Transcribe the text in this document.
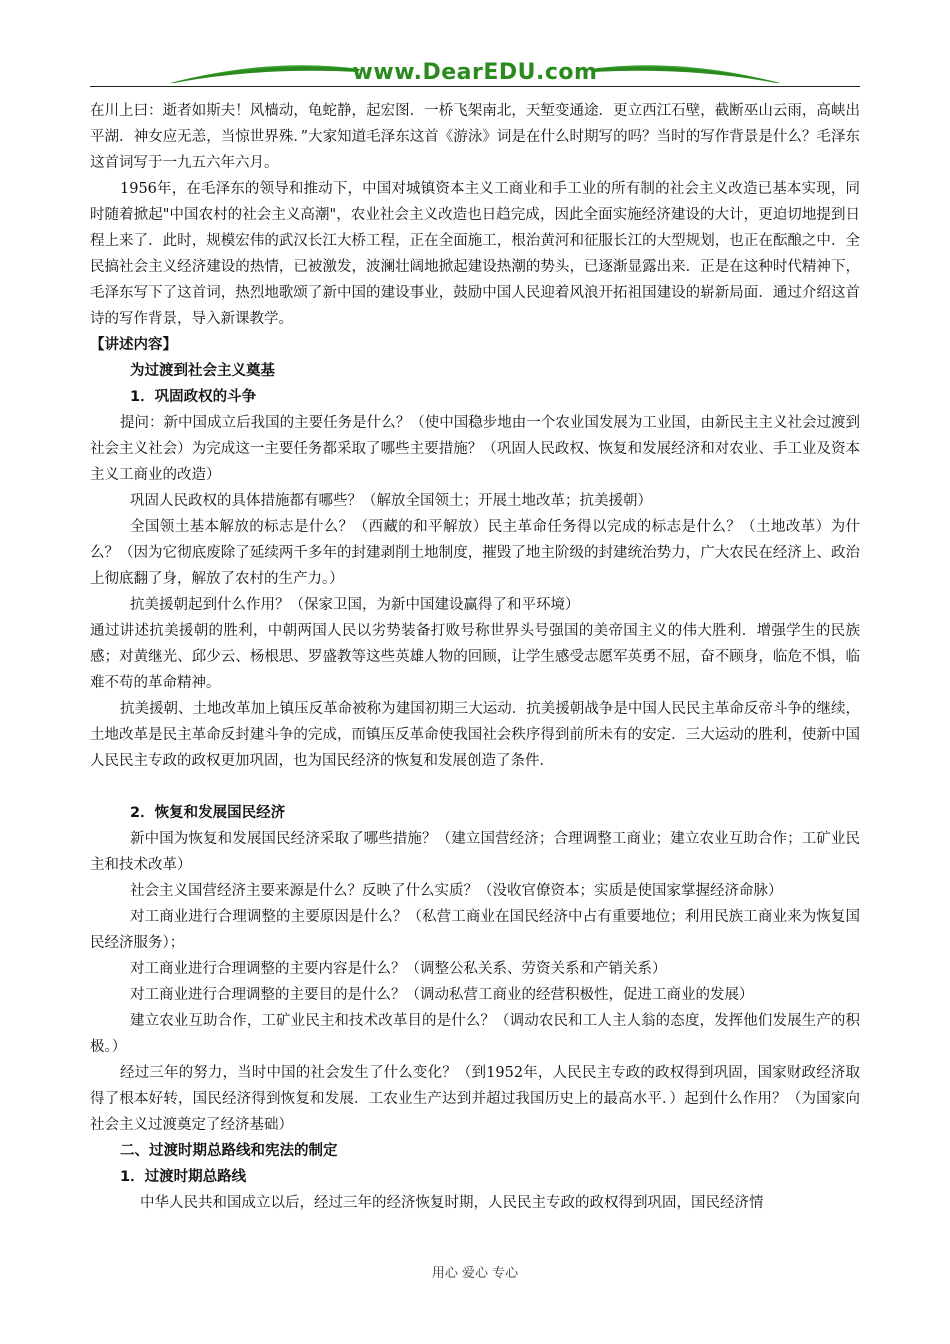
www.DearEDU.com

在川上曰：逝者如斯夫！风樯动，龟蛇静，起宏图．一桥飞架南北，天堑变通途．更立西江石壁，截断巫山云雨，高峡出平湖．神女应无恙，当惊世界殊．”大家知道毛泽东这首《游泳》词是在什么时期写的吗？当时的写作背景是什么？毛泽东这首词写于一九五六年六月。

1956年，在毛泽东的领导和推动下，中国对城镇资本主义工商业和手工业的所有制的社会主义改造已基本实现，同时随着掀起"中国农村的社会主义高潮"，农业社会主义改造也日趋完成，因此全面实施经济建设的大计，更迫切地提到日程上来了．此时，规模宏伟的武汉长江大桥工程，正在全面施工，根治黄河和征服长江的大型规划，也正在酝酿之中．全民搞社会主义经济建设的热情，已被激发，波澜壮阔地掀起建设热潮的势头，已逐渐显露出来．正是在这种时代精神下，毛泽东写下了这首词，热烈地歌颂了新中国的建设事业，鼓励中国人民迎着风浪开拓祖国建设的崭新局面．通过介绍这首诗的写作背景，导入新课教学。

【讲述内容】

为过渡到社会主义奠基

1．巩固政权的斗争

提问：新中国成立后我国的主要任务是什么？（使中国稳步地由一个农业国发展为工业国，由新民主主义社会过渡到社会主义社会）为完成这一主要任务都采取了哪些主要措施？（巩固人民政权、恢复和发展经济和对农业、手工业及资本主义工商业的改造）

巩固人民政权的具体措施都有哪些？（解放全国领土；开展土地改革；抗美援朝）

全国领土基本解放的标志是什么？（西藏的和平解放）民主革命任务得以完成的标志是什么？（土地改革）为什么？（因为它彻底废除了延续两千多年的封建剥削土地制度，摧毁了地主阶级的封建统治势力，广大农民在经济上、政治上彻底翻了身，解放了农村的生产力。）

抗美援朝起到什么作用？（保家卫国，为新中国建设赢得了和平环境）

通过讲述抗美援朝的胜利，中朝两国人民以劣势装备打败号称世界头号强国的美帝国主义的伟大胜利．增强学生的民族感；对黄继光、邱少云、杨根思、罗盛教等这些英雄人物的回顾，让学生感受志愿军英勇不屈，奋不顾身，临危不惧，临难不苟的革命精神。

抗美援朝、土地改革加上镇压反革命被称为建国初期三大运动．抗美援朝战争是中国人民民主革命反帝斗争的继续，土地改革是民主革命反封建斗争的完成，而镇压反革命使我国社会秩序得到前所未有的安定．三大运动的胜利，使新中国人民民主专政的政权更加巩固，也为国民经济的恢复和发展创造了条件．

2．恢复和发展国民经济

新中国为恢复和发展国民经济采取了哪些措施？（建立国营经济；合理调整工商业；建立农业互助合作；工矿业民主和技术改革）

社会主义国营经济主要来源是什么？反映了什么实质？（没收官僚资本；实质是使国家掌握经济命脉）

对工商业进行合理调整的主要原因是什么？（私营工商业在国民经济中占有重要地位；利用民族工商业来为恢复国民经济服务）；

对工商业进行合理调整的主要内容是什么？（调整公私关系、劳资关系和产销关系）

对工商业进行合理调整的主要目的是什么？（调动私营工商业的经营积极性，促进工商业的发展）

建立农业互助合作，工矿业民主和技术改革目的是什么？（调动农民和工人主人翁的态度，发挥他们发展生产的积极。）

经过三年的努力，当时中国的社会发生了什么变化？（到1952年，人民民主专政的政权得到巩固，国家财政经济取得了根本好转，国民经济得到恢复和发展．工农业生产达到并超过我国历史上的最高水平．）起到什么作用？（为国家向社会主义过渡奠定了经济基础）

二、过渡时期总路线和宪法的制定

1．过渡时期总路线

中华人民共和国成立以后，经过三年的经济恢复时期，人民民主专政的政权得到巩固，国民经济情

用心 爱心 专心
